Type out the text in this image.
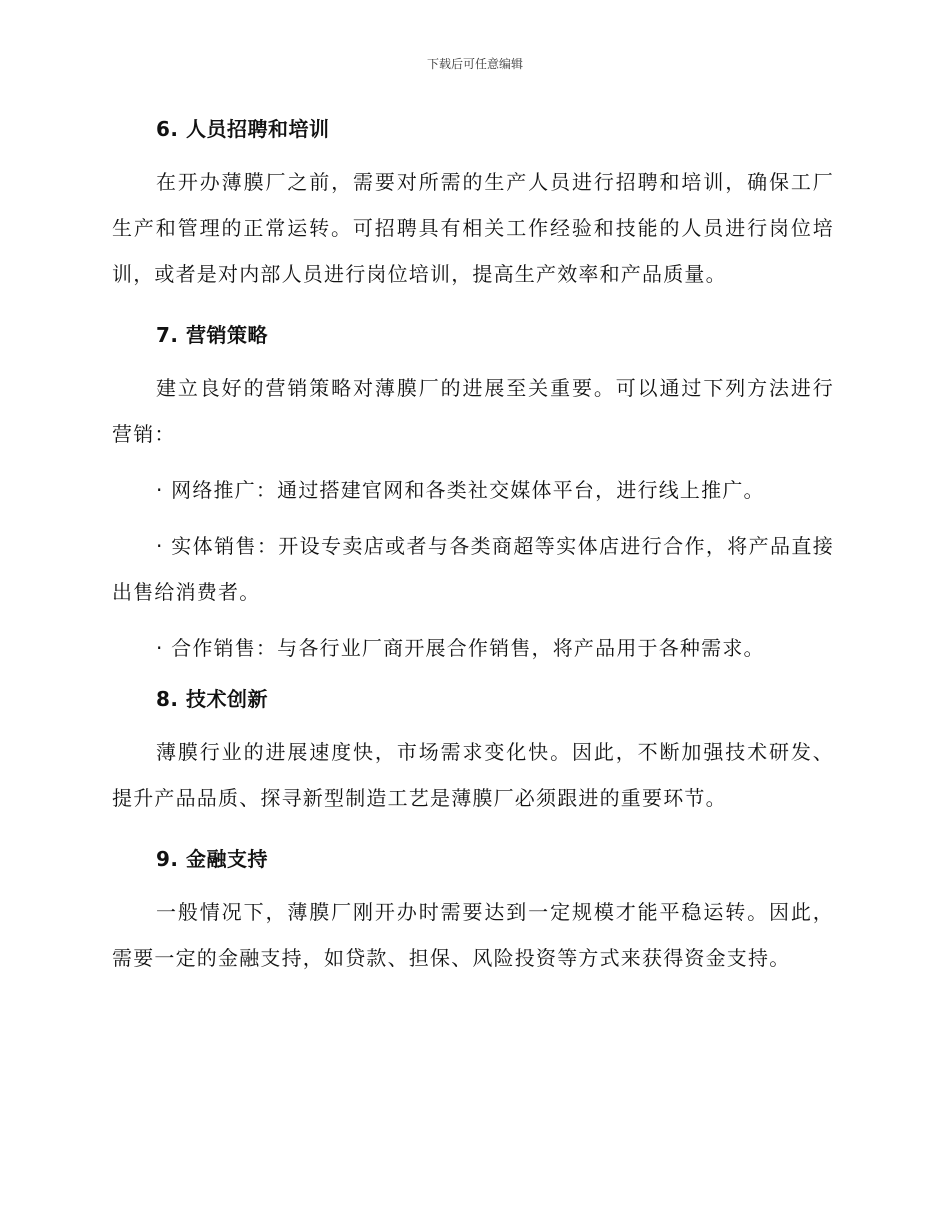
下载后可任意编辑
6. 人员招聘和培训

在开办薄膜厂之前，需要对所需的生产人员进行招聘和培训，确保工厂生产和管理的正常运转。可招聘具有相关工作经验和技能的人员进行岗位培训，或者是对内部人员进行岗位培训，提高生产效率和产品质量。

7. 营销策略

建立良好的营销策略对薄膜厂的进展至关重要。可以通过下列方法进行营销：

· 网络推广：通过搭建官网和各类社交媒体平台，进行线上推广。

· 实体销售：开设专卖店或者与各类商超等实体店进行合作，将产品直接出售给消费者。

· 合作销售：与各行业厂商开展合作销售，将产品用于各种需求。

8. 技术创新

薄膜行业的进展速度快，市场需求变化快。因此，不断加强技术研发、提升产品品质、探寻新型制造工艺是薄膜厂必须跟进的重要环节。

9. 金融支持

一般情况下，薄膜厂刚开办时需要达到一定规模才能平稳运转。因此，需要一定的金融支持，如贷款、担保、风险投资等方式来获得资金支持。
